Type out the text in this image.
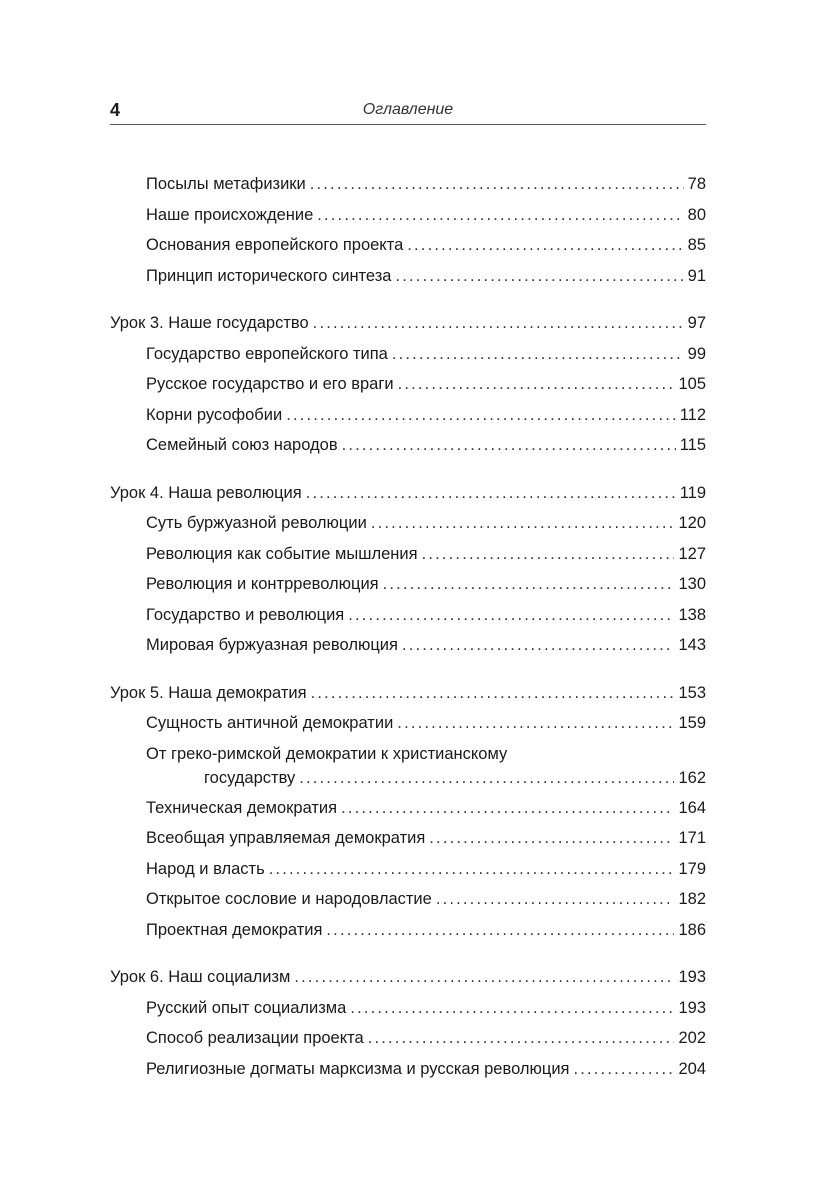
4	Оглавление
Посылы метафизики . . .	78
Наше происхождение . . .	80
Основания европейского проекта . . .	85
Принцип исторического синтеза . . .	91
Урок 3. Наше государство . . .	97
Государство европейского типа . . .	99
Русское государство и его враги . . .	105
Корни русофобии . . .	112
Семейный союз народов . . .	115
Урок 4. Наша революция . . .	119
Суть буржуазной революции . . .	120
Революция как событие мышления . . .	127
Революция и контрреволюция . . .	130
Государство и революция . . .	138
Мировая буржуазная революция . . .	143
Урок 5. Наша демократия . . .	153
Сущность античной демократии . . .	159
От греко-римской демократии к христианскому
государству . . .	162
Техническая демократия . . .	164
Всеобщая управляемая демократия . . .	171
Народ и власть . . .	179
Открытое сословие и народовластие . . .	182
Проектная демократия . . .	186
Урок 6. Наш социализм . . .	193
Русский опыт социализма . . .	193
Способ реализации проекта . . .	202
Религиозные догматы марксизма и русская революция . . .	204
